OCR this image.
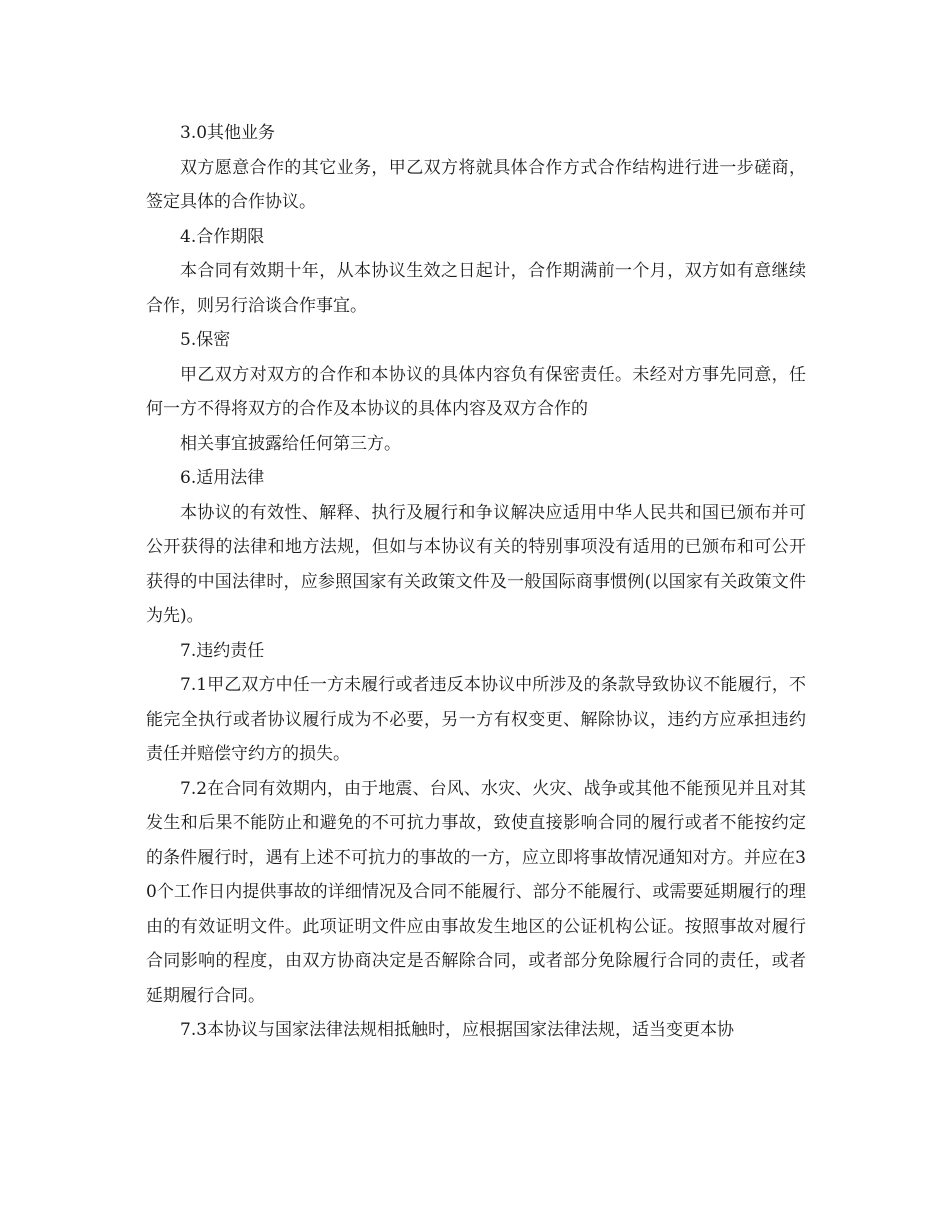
3.0其他业务

双方愿意合作的其它业务，甲乙双方将就具体合作方式合作结构进行进一步磋商，签定具体的合作协议。

4.合作期限

本合同有效期十年，从本协议生效之日起计，合作期满前一个月，双方如有意继续合作，则另行洽谈合作事宜。

5.保密

甲乙双方对双方的合作和本协议的具体内容负有保密责任。未经对方事先同意，任何一方不得将双方的合作及本协议的具体内容及双方合作的

相关事宜披露给任何第三方。

6.适用法律

本协议的有效性、解释、执行及履行和争议解决应适用中华人民共和国已颁布并可公开获得的法律和地方法规，但如与本协议有关的特别事项没有适用的已颁布和可公开获得的中国法律时，应参照国家有关政策文件及一般国际商事惯例(以国家有关政策文件为先)。

7.违约责任

7.1甲乙双方中任一方未履行或者违反本协议中所涉及的条款导致协议不能履行，不能完全执行或者协议履行成为不必要，另一方有权变更、解除协议，违约方应承担违约责任并赔偿守约方的损失。

7.2在合同有效期内，由于地震、台风、水灾、火灾、战争或其他不能预见并且对其发生和后果不能防止和避免的不可抗力事故，致使直接影响合同的履行或者不能按约定的条件履行时，遇有上述不可抗力的事故的一方，应立即将事故情况通知对方。并应在30个工作日内提供事故的详细情况及合同不能履行、部分不能履行、或需要延期履行的理由的有效证明文件。此项证明文件应由事故发生地区的公证机构公证。按照事故对履行合同影响的程度，由双方协商决定是否解除合同，或者部分免除履行合同的责任，或者延期履行合同。

7.3本协议与国家法律法规相抵触时，应根据国家法律法规，适当变更本协
